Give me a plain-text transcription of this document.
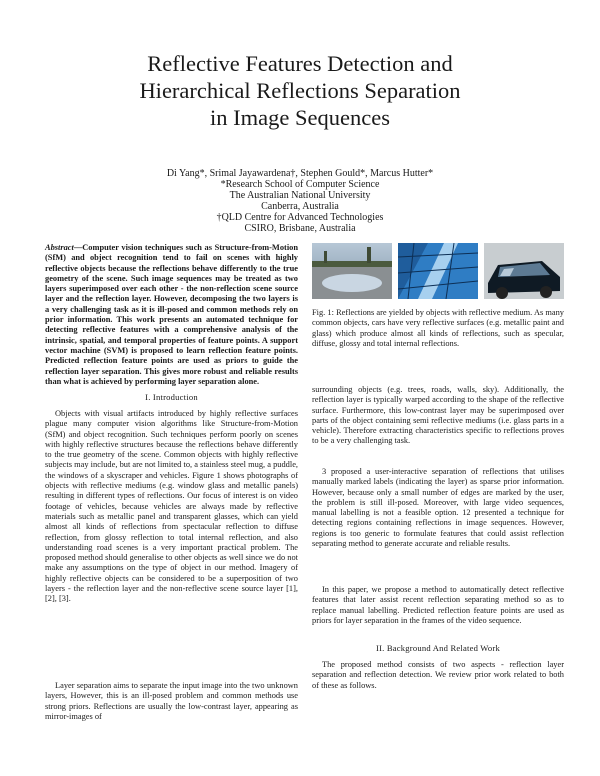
Reflective Features Detection and
Hierarchical Reflections Separation
in Image Sequences
Di Yang*, Srimal Jayawardena†, Stephen Gould*, Marcus Hutter*
*Research School of Computer Science
The Australian National University
Canberra, Australia
†QLD Centre for Advanced Technologies
CSIRO, Brisbane, Australia
Abstract—Computer vision techniques such as Structure-from-Motion (SfM) and object recognition tend to fail on scenes with highly reflective objects because the reflections behave differently to the true geometry of the scene. Such image sequences may be treated as two layers superimposed over each other - the non-reflection scene source layer and the reflection layer. However, decomposing the two layers is a very challenging task as it is ill-posed and common methods rely on prior information. This work presents an automated technique for detecting reflective features with a comprehensive analysis of the intrinsic, spatial, and temporal properties of feature points. A support vector machine (SVM) is proposed to learn reflection feature points. Predicted reflection feature points are used as priors to guide the reflection layer separation. This gives more robust and reliable results than what is achieved by performing layer separation alone.
I. Introduction
Objects with visual artifacts introduced by highly reflective surfaces plague many computer vision algorithms like Structure-from-Motion (SfM) and object recognition. Such techniques perform poorly on scenes with highly reflective structures because the reflections behave differently to the true geometry of the scene. Common objects with highly reflective subjects may include, but are not limited to, a stainless steel mug, a puddle, the windows of a skyscraper and vehicles. Figure 1 shows photographs of objects with reflective mediums (e.g. window glass and metallic panels) resulting in different types of reflections. Our focus of interest is on video footage of vehicles, because vehicles are always made by reflective materials such as metallic panel and transparent glasses, which can yield almost all kinds of reflections from spectacular reflection to diffuse reflection, from glossy reflection to total internal reflection, and also understanding road scenes is a very important practical problem. The proposed method should generalise to other objects as well since we do not make any assumptions on the type of object in our method. Imagery of highly reflective objects can be considered to be a superposition of two layers - the reflection layer and the non-reflective scene source layer [1], [2], [3].
Layer separation aims to separate the input image into the two unknown layers, However, this is an ill-posed problem and common methods use strong priors. Reflections are usually the low-contrast layer, appearing as mirror-images of
Fig. 1: Reflections are yielded by objects with reflective medium. As many common objects, cars have very reflective surfaces (e.g. metallic paint and glass) which produce almost all kinds of reflections, such as specular, diffuse, glossy and total internal reflections.
surrounding objects (e.g. trees, roads, walls, sky). Additionally, the reflection layer is typically warped according to the shape of the reflective surface. Furthermore, this low-contrast layer may be superimposed over parts of the object containing semi reflective mediums (i.e. glass parts in a vehicle). Therefore extracting characteristics specific to reflections proves to be a very challenging task.
3 proposed a user-interactive separation of reflections that utilises manually marked labels (indicating the layer) as sparse prior information. However, because only a small number of edges are marked by the user, the problem is still ill-posed. Moreover, with large video sequences, manual labelling is not a feasible option. 12 presented a technique for detecting regions containing reflections in image sequences. However, regions is too generic to formulate features that could assist reflection separating method to generate accurate and reliable results.
In this paper, we propose a method to automatically detect reflective features that later assist recent reflection separating method so as to replace manual labelling. Predicted reflection feature points are used as priors for layer separation in the frames of the video sequence.
II. Background And Related Work
The proposed method consists of two aspects - reflection layer separation and reflection detection. We review prior work related to both of these as follows.
